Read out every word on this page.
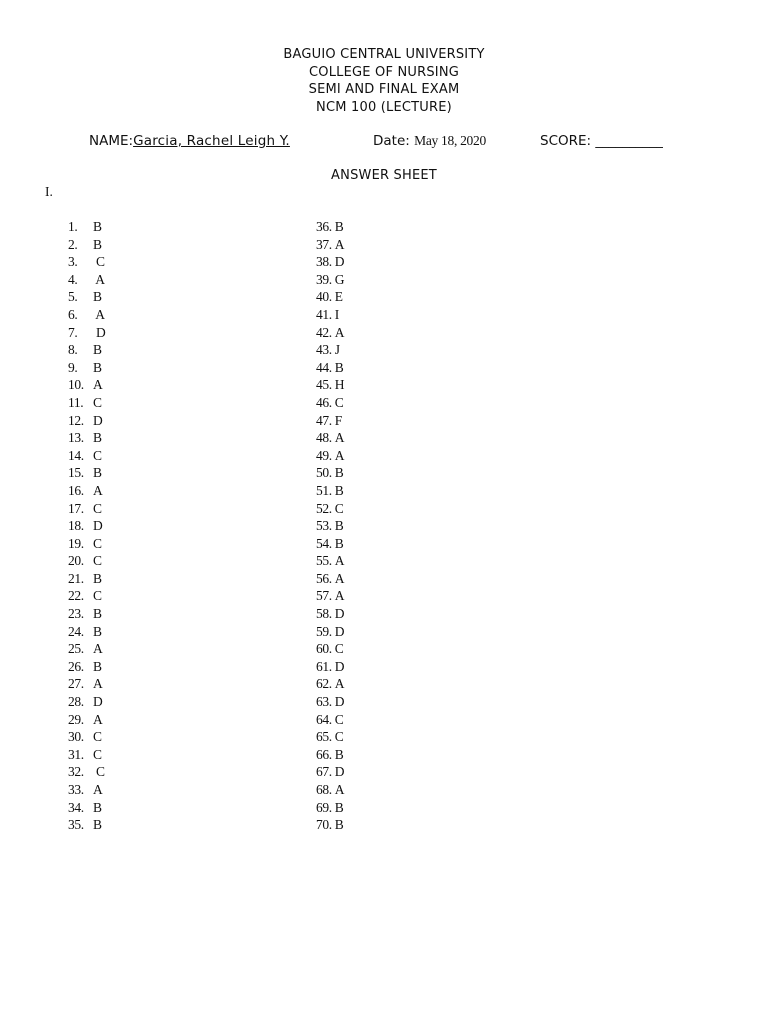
BAGUIO CENTRAL UNIVERSITY
COLLEGE OF NURSING
SEMI AND FINAL EXAM
NCM 100 (LECTURE)
NAME:Garcia, Rachel Leigh Y.	Date: May 18, 2020	SCORE: __________
ANSWER SHEET
I.
1. B
2. B
3. C
4. A
5. B
6. A
7. D
8. B
9. B
10. A
11. C
12. D
13. B
14. C
15. B
16. A
17. C
18. D
19. C
20. C
21. B
22. C
23. B
24. B
25. A
26. B
27. A
28. D
29. A
30. C
31. C
32. C
33. A
34. B
35. B
36. B
37. A
38. D
39. G
40. E
41. I
42. A
43. J
44. B
45. H
46. C
47. F
48. A
49. A
50. B
51. B
52. C
53. B
54. B
55. A
56. A
57. A
58. D
59. D
60. C
61. D
62. A
63. D
64. C
65. C
66. B
67. D
68. A
69. B
70. B
